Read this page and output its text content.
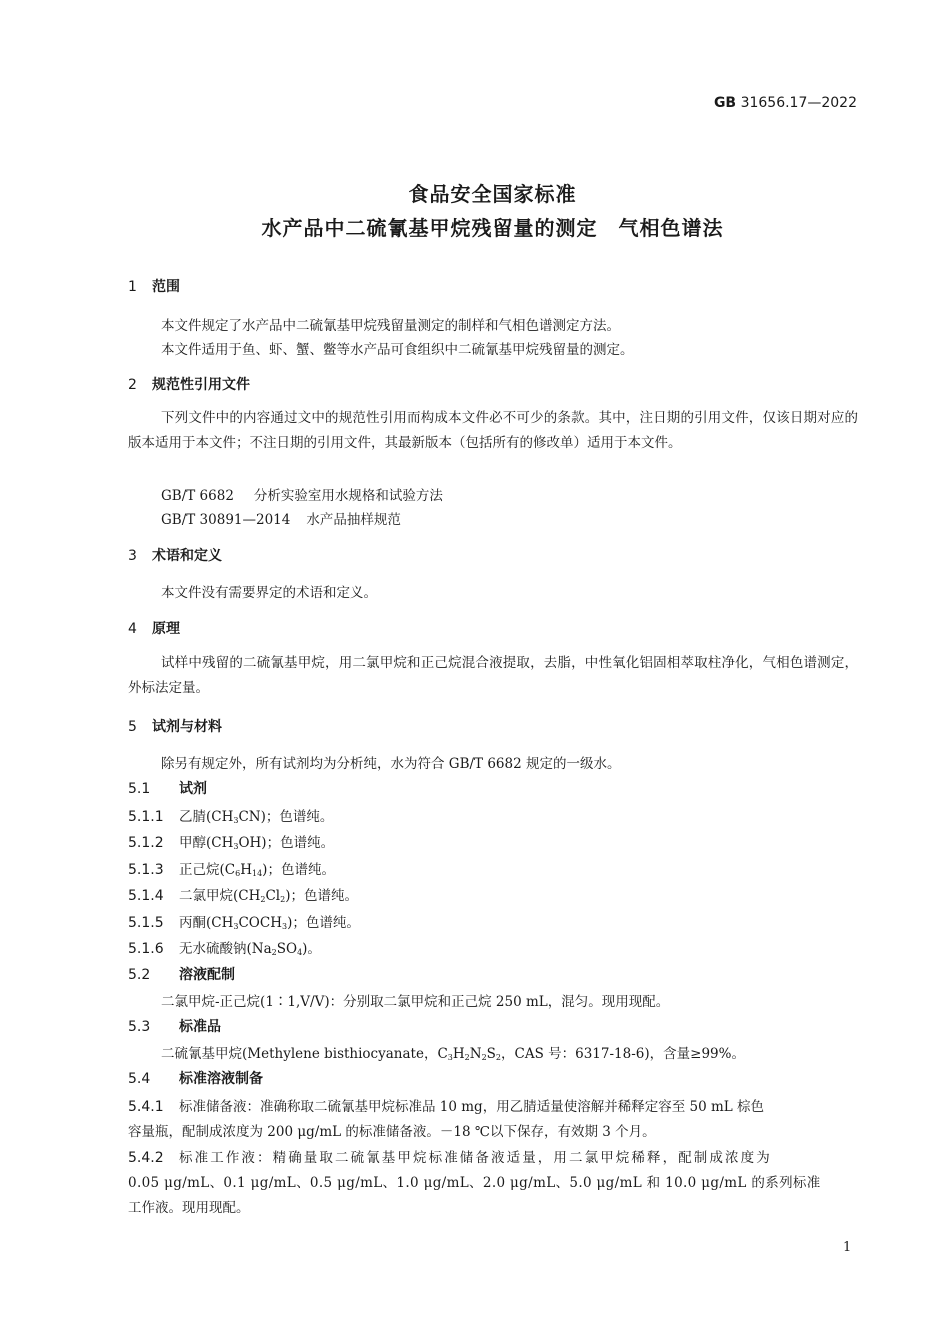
GB 31656.17—2022
食品安全国家标准
水产品中二硫氰基甲烷残留量的测定　气相色谱法
1 范围
本文件规定了水产品中二硫氰基甲烷残留量测定的制样和气相色谱测定方法。
本文件适用于鱼、虾、蟹、鳖等水产品可食组织中二硫氰基甲烷残留量的测定。
2 规范性引用文件
下列文件中的内容通过文中的规范性引用而构成本文件必不可少的条款。其中，注日期的引用文件，仅该日期对应的版本适用于本文件；不注日期的引用文件，其最新版本（包括所有的修改单）适用于本文件。
GB/T 6682 分析实验室用水规格和试验方法
GB/T 30891—2014 水产品抽样规范
3 术语和定义
本文件没有需要界定的术语和定义。
4 原理
试样中残留的二硫氰基甲烷，用二氯甲烷和正己烷混合液提取，去脂，中性氧化铝固相萃取柱净化，气相色谱测定，外标法定量。
5 试剂与材料
除另有规定外，所有试剂均为分析纯，水为符合 GB/T 6682 规定的一级水。
5.1 试剂
5.1.1 乙腈$(CH_3CN)$；色谱纯。
5.1.2 甲醇$(CH_3OH)$；色谱纯。
5.1.3 正己烷$(C_6H_{14})$；色谱纯。
5.1.4 二氯甲烷$(CH_2Cl_2)$；色谱纯。
5.1.5 丙酮$(CH_3COCH_3)$；色谱纯。
5.1.6 无水硫酸钠$(Na_2SO_4)$。
5.2 溶液配制
二氯甲烷-正己烷(1∶1,V/V)：分别取二氯甲烷和正己烷 250 mL，混匀。现用现配。
5.3 标准品
二硫氰基甲烷(Methylene bisthiocyanate，$C_3H_2N_2S_2$，CAS 号：6317-18-6)，含量≥99%。
5.4 标准溶液制备
5.4.1 标准储备液：准确称取二硫氰基甲烷标准品 10 mg，用乙腈适量使溶解并稀释定容至 50 mL 棕色
容量瓶，配制成浓度为 200 μg/mL 的标准储备液。－18 ℃以下保存，有效期 3 个月。
5.4.2 标准工作液：精确量取二硫氰基甲烷标准储备液适量，用二氯甲烷稀释，配制成浓度为
0.05 μg/mL、0.1 μg/mL、0.5 μg/mL、1.0 μg/mL、2.0 μg/mL、5.0 μg/mL 和 10.0 μg/mL 的系列标准
工作液。现用现配。
1
